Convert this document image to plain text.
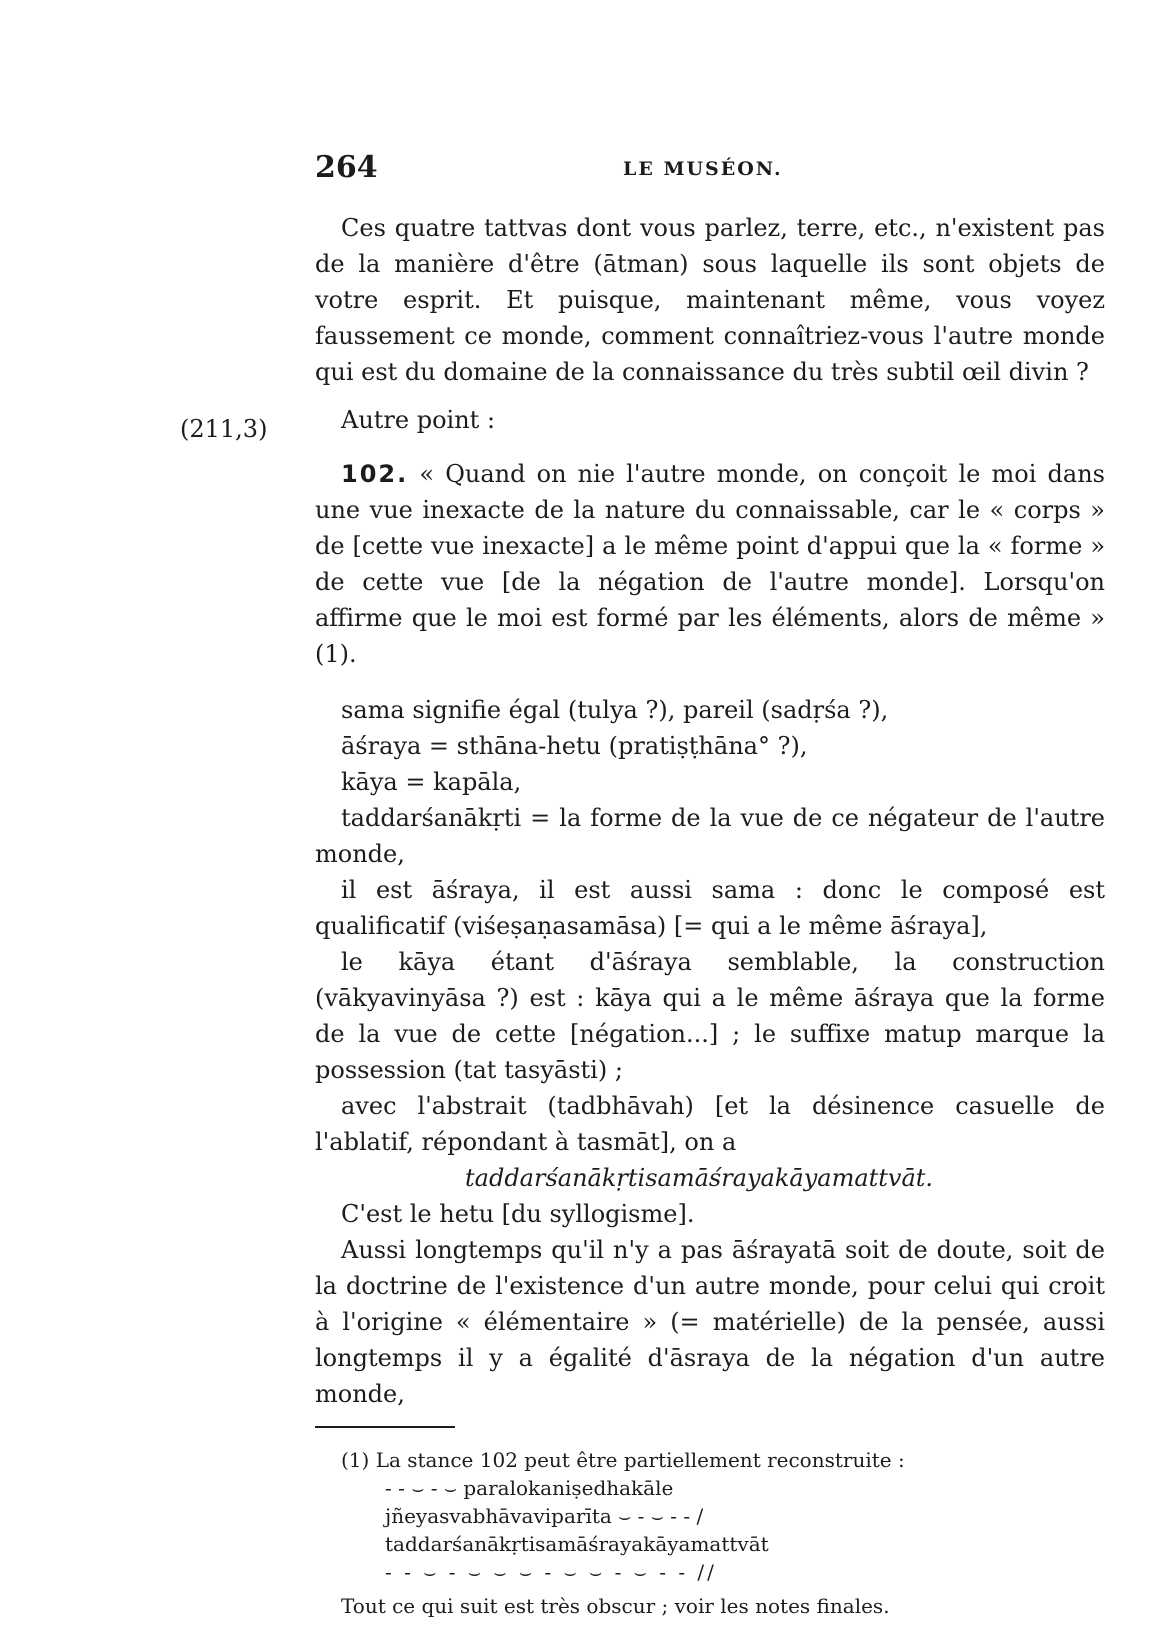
264	LE MUSÉON.
(211,3)

Ces quatre tattvas dont vous parlez, terre, etc., n'existent pas de la manière d'être (ātman) sous laquelle ils sont objets de votre esprit. Et puisque, maintenant même, vous voyez faussement ce monde, comment connaîtriez-vous l'autre monde qui est du domaine de la connaissance du très subtil œil divin ?

Autre point :

102. « Quand on nie l'autre monde, on conçoit le moi dans une vue inexacte de la nature du connaissable, car le « corps » de [cette vue inexacte] a le même point d'appui que la « forme » de cette vue [de la négation de l'autre monde]. Lorsqu'on affirme que le moi est formé par les éléments, alors de même » (1).

sama signifie égal (tulya ?), pareil (sadṛśa ?),

āśraya = sthāna-hetu (pratiṣṭhāna° ?),

kāya = kapāla,

taddarśanākṛti = la forme de la vue de ce négateur de l'autre monde,

il est āśraya, il est aussi sama : donc le composé est qualificatif (viśeṣaṇasamāsa) [= qui a le même āśraya],

le kāya étant d'āśraya semblable, la construction (vākyavinyāsa ?) est : kāya qui a le même āśraya que la forme de la vue de cette [négation...] ; le suffixe matup marque la possession (tat tasyāsti) ;

avec l'abstrait (tadbhāvah) [et la désinence casuelle de l'ablatif, répondant à tasmāt], on a

taddarśanākṛtisamāśrayakāyamattvāt.

C'est le hetu [du syllogisme].

Aussi longtemps qu'il n'y a pas āśrayatā soit de doute, soit de la doctrine de l'existence d'un autre monde, pour celui qui croit à l'origine « élémentaire » (= matérielle) de la pensée, aussi longtemps il y a égalité d'āsraya de la négation d'un autre monde,

(1) La stance 102 peut être partiellement reconstruite :

- - ⌣ - ⌣ paralokaniṣedhakāle

jñeyasvabhāvaviparīta ⌣ - ⌣ - - /

taddarśanākṛtisamāśrayakāyamattvāt

- - ⌣ - ⌣ ⌣ ⌣ - ⌣ ⌣ - ⌣ - - //

Tout ce qui suit est très obscur ; voir les notes finales.
